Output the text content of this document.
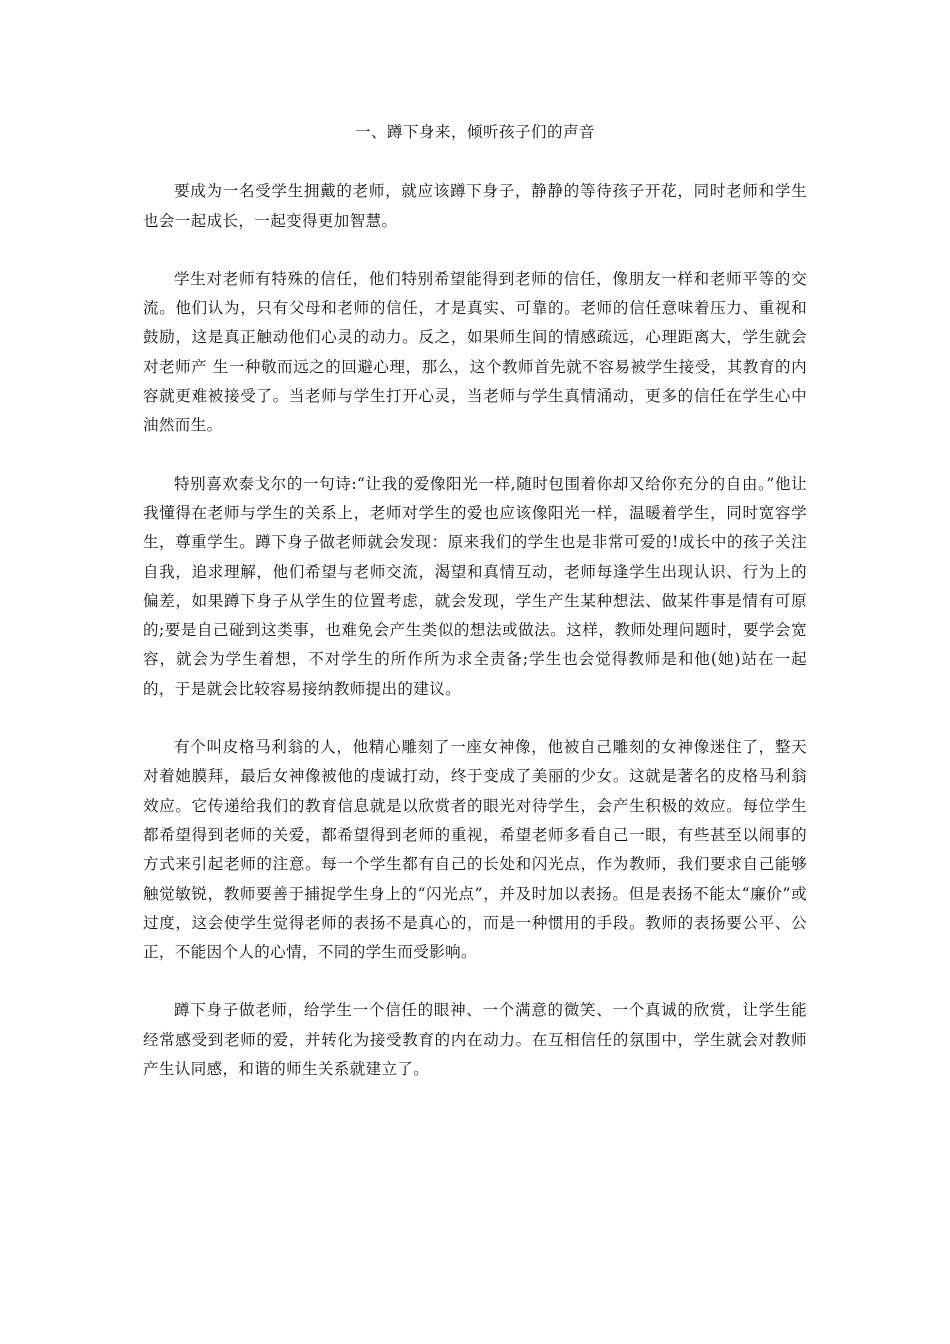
一、蹲下身来，倾听孩子们的声音

要成为一名受学生拥戴的老师，就应该蹲下身子，静静的等待孩子开花，同时老师和学生也会一起成长，一起变得更加智慧。

学生对老师有特殊的信任，他们特别希望能得到老师的信任，像朋友一样和老师平等的交流。他们认为，只有父母和老师的信任，才是真实、可靠的。老师的信任意味着压力、重视和鼓励，这是真正触动他们心灵的动力。反之，如果师生间的情感疏远，心理距离大，学生就会对老师产 生一种敬而远之的回避心理，那么，这个教师首先就不容易被学生接受，其教育的内容就更难被接受了。当老师与学生打开心灵，当老师与学生真情涌动，更多的信任在学生心中油然而生。

特别喜欢泰戈尔的一句诗:“让我的爱像阳光一样,随时包围着你却又给你充分的自由。”他让我懂得在老师与学生的关系上，老师对学生的爱也应该像阳光一样，温暖着学生，同时宽容学生，尊重学生。蹲下身子做老师就会发现：原来我们的学生也是非常可爱的!成长中的孩子关注自我，追求理解，他们希望与老师交流，渴望和真情互动，老师每逢学生出现认识、行为上的偏差，如果蹲下身子从学生的位置考虑，就会发现，学生产生某种想法、做某件事是情有可原的;要是自己碰到这类事，也难免会产生类似的想法或做法。这样，教师处理问题时，要学会宽容，就会为学生着想，不对学生的所作所为求全责备;学生也会觉得教师是和他(她)站在一起的，于是就会比较容易接纳教师提出的建议。

有个叫皮格马利翁的人，他精心雕刻了一座女神像，他被自己雕刻的女神像迷住了，整天对着她膜拜，最后女神像被他的虔诚打动，终于变成了美丽的少女。这就是著名的皮格马利翁效应。它传递给我们的教育信息就是以欣赏者的眼光对待学生，会产生积极的效应。每位学生都希望得到老师的关爱，都希望得到老师的重视，希望老师多看自己一眼，有些甚至以闹事的方式来引起老师的注意。每一个学生都有自己的长处和闪光点，作为教师，我们要求自己能够触觉敏锐，教师要善于捕捉学生身上的“闪光点”，并及时加以表扬。但是表扬不能太“廉价”或过度，这会使学生觉得老师的表扬不是真心的，而是一种惯用的手段。教师的表扬要公平、公正，不能因个人的心情，不同的学生而受影响。

蹲下身子做老师，给学生一个信任的眼神、一个满意的微笑、一个真诚的欣赏，让学生能经常感受到老师的爱，并转化为接受教育的内在动力。在互相信任的氛围中，学生就会对教师产生认同感，和谐的师生关系就建立了。
